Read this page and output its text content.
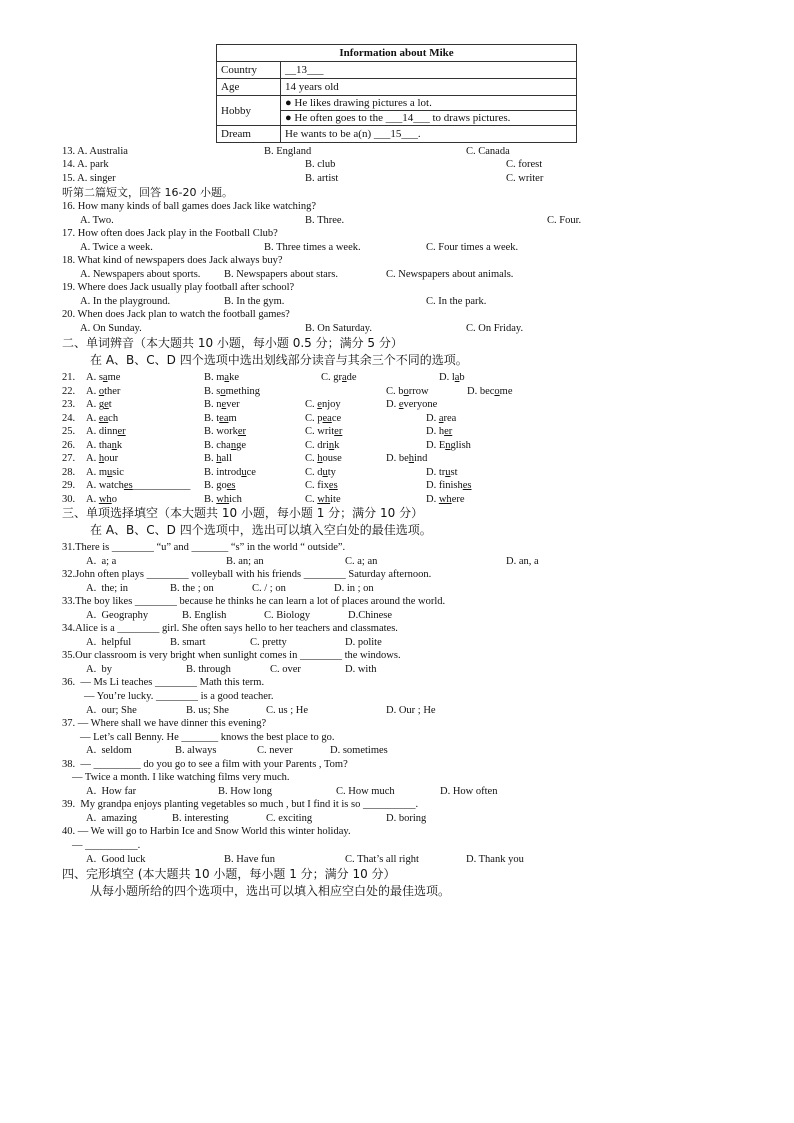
Information about Mike	
Country	__13___
Age	14 years old
Hobby	● He likes drawing pictures a lot.
● He often goes to the ___14___ to draws pictures.

Dream	He wants to be a(n) ___15___.
13. A. Australia	B. England	C. Canada
14. A. park	B. club	C. forest
15. A. singer	B. artist	C. writer
听第二篇短文，回答 16-20 小题。
16. How many kinds of ball games does Jack like watching?
A. Two.	B. Three.	C. Four.
17. How often does Jack play in the Football Club?
A. Twice a week.	B. Three times a week.	C. Four times a week.
18. What kind of newspapers does Jack always buy?
A. Newspapers about sports. B. Newspapers about stars.	C. Newspapers about animals.
19. Where does Jack usually play football after school?
A. In the playground.	B. In the gym.	C. In the park.
20. When does Jack plan to watch the football games?
A. On Sunday.	B. On Saturday.	C. On Friday.
二、单词辨音（本大题共 10 小题，每小题 0.5 分；满分 5 分）
在 A、B、C、D 四个选项中选出划线部分读音与其余三个不同的选项。
21. A. same	B. make	C. grade	D. lab
22. A. other	B. something	C. borrow	D. become
23. A. get	B. never	C. enjoy	D. everyone
24. A. each	B. team	C. peace	D. area
25. A. dinner	B. worker	C. writer	D. her
26. A. thank	B. change	C. drink	D. English
27. A. hour	B. hall	C. house	D. behind
28. A. music	B. introduce	C. duty	D. trust
29. A. watches___________ B. goes	C. fixes	D. finishes
30. A. who	B. which	C. white	D. where
三、单项选择填空（本大题共 10 小题，每小题 1 分；满分 10 分）
在 A、B、C、D 四个选项中，选出可以填入空白处的最佳选项。
31.There is ________ “u” and _______ “s” in the world “ outside”.
A.  a; a	B. an; an	C. a; an	D. an, a
32.John often plays ________ volleyball with his friends ________ Saturday afternoon.
A.  the; in	B. the ; on	C. / ; on	D. in ; on
33.The boy likes ________ because he thinks he can learn a lot of places around the world.
A.  Geography	B. English	C. Biology	D.Chinese
34.Alice is a ________ girl. She often says hello to her teachers and classmates.
A.  helpful	B. smart	C. pretty	D. polite
35.Our classroom is very bright when sunlight comes in ________ the windows.
A.  by	B. through	C. over	D. with
36.  — Ms Li teaches ________ Math this term.
— You’re lucky. ________ is a good teacher.
A.  our; She	B. us; She	C. us ; He	D. Our ; He
37. — Where shall we have dinner this evening?
— Let’s call Benny. He _______ knows the best place to go.
A.  seldom	B. always	C. never	D. sometimes
38.  — _________ do you go to see a film with your Parents , Tom?
— Twice a month. I like watching films very much.
A.  How far	B. How long	C. How much	D. How often
39.  My grandpa enjoys planting vegetables so much , but I find it is so __________.
A.  amazing	B. interesting	C. exciting	D. boring
40. — We will go to Harbin Ice and Snow World this winter holiday.
— __________.
A.  Good luck	B. Have fun	C. That’s all right	D. Thank you
四、完形填空 (本大题共 10 小题，每小题 1 分；满分 10 分）
从每小题所给的四个选项中，选出可以填入相应空白处的最佳选项。
